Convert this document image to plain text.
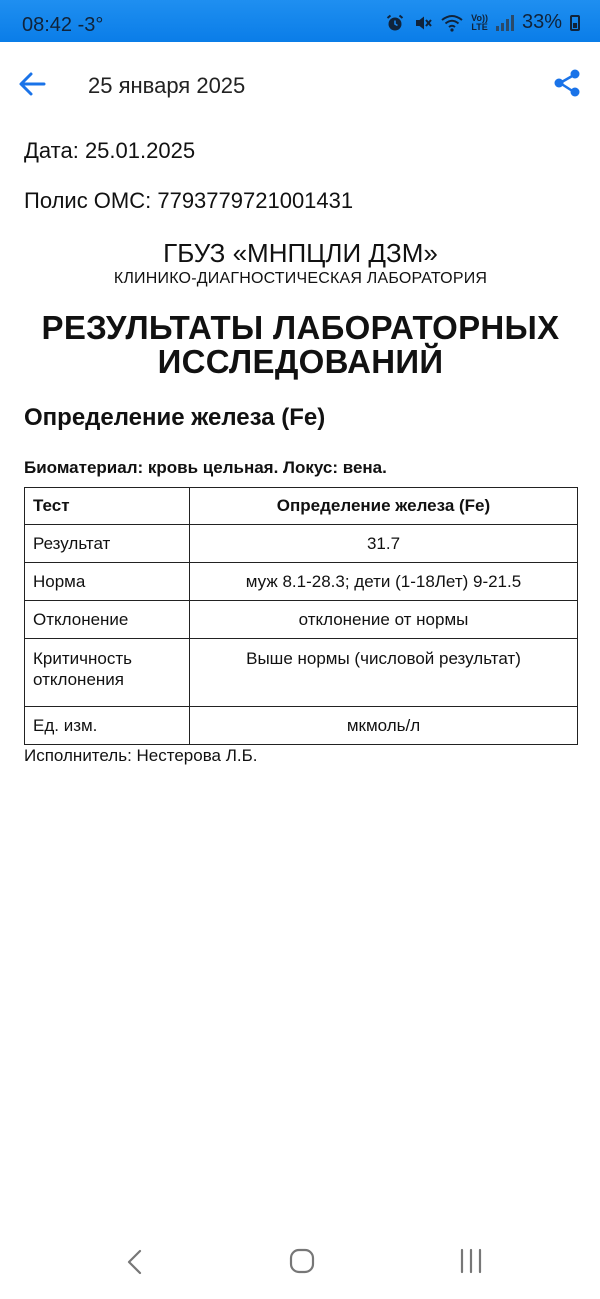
08:42 -3°	Vo))
LTE 33%
25 января 2025
Дата: 25.01.2025
Полис ОМС: 7793779721001431
ГБУЗ «МНПЦЛИ ДЗМ»
КЛИНИКО-ДИАГНОСТИЧЕСКАЯ ЛАБОРАТОРИЯ
РЕЗУЛЬТАТЫ ЛАБОРАТОРНЫХ
ИССЛЕДОВАНИЙ
Определение железа (Fe)
Биоматериал: кровь цельная. Локус: вена.
Тест	Определение железа (Fe)
Результат	31.7
Норма	муж 8.1-28.3; дети (1-18Лет) 9-21.5
Отклонение	отклонение от нормы
Критичность отклонения	Выше нормы (числовой результат)
Ед. изм.	мкмоль/л
Исполнитель: Нестерова Л.Б.
